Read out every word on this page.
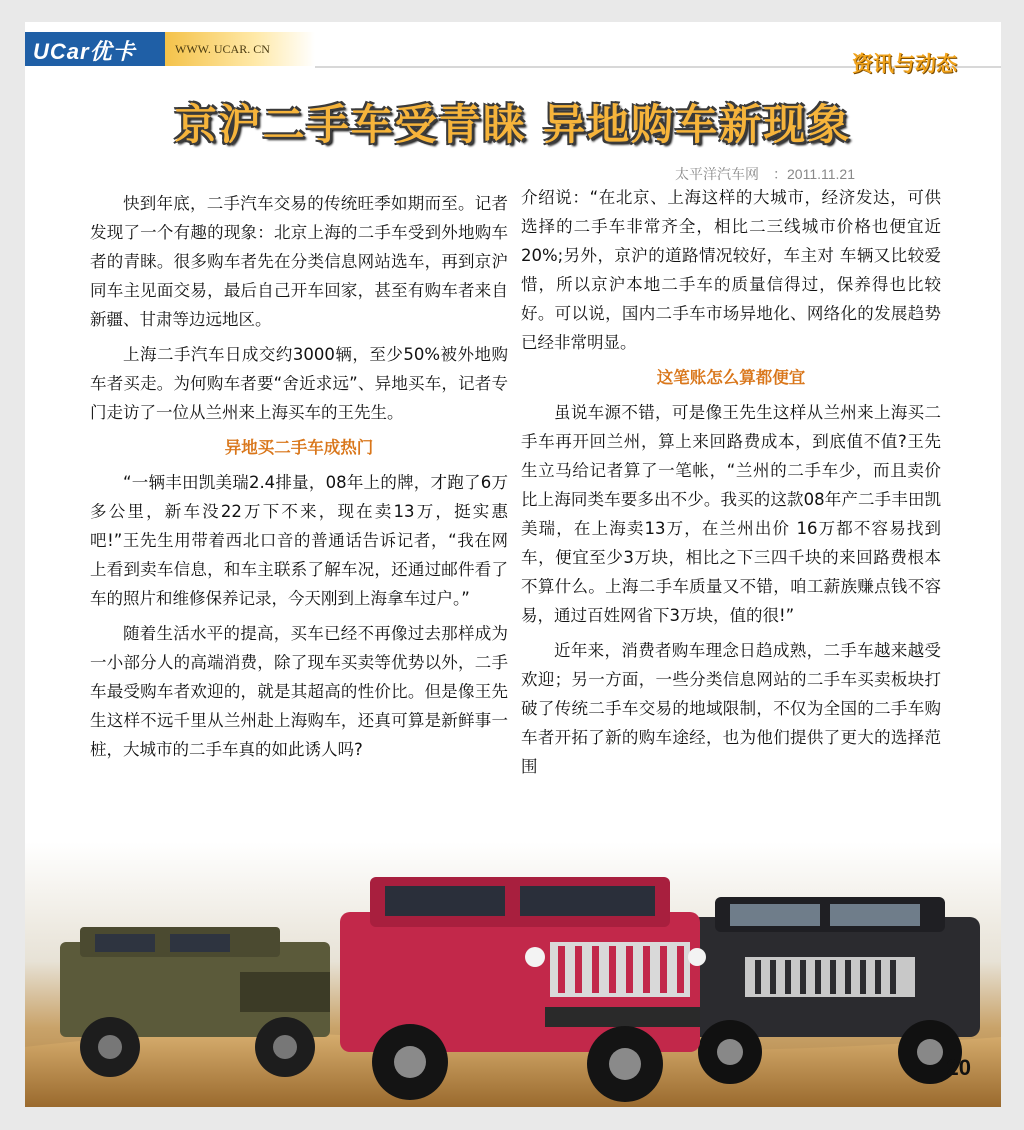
UCar优卡	WWW. UCAR. CN
资讯与动态
京沪二手车受青睐 异地购车新现象
太平洋汽车网　：2011.11.21

快到年底，二手汽车交易的传统旺季如期而至。记者发现了一个有趣的现象：北京上海的二手车受到外地购车者的青睐。很多购车者先在分类信息网站选车，再到京沪同车主见面交易，最后自己开车回家，甚至有购车者来自新疆、甘肃等边远地区。

上海二手汽车日成交约3000辆，至少50%被外地购车者买走。为何购车者要“舍近求远”、异地买车，记者专门走访了一位从兰州来上海买车的王先生。

异地买二手车成热门

“一辆丰田凯美瑞2.4排量，08年上的牌，才跑了6万多公里，新车没22万下不来，现在卖13万，挺实惠吧!”王先生用带着西北口音的普通话告诉记者，“我在网上看到卖车信息，和车主联系了解车况，还通过邮件看了车的照片和维修保养记录，今天刚到上海拿车过户。”

随着生活水平的提高，买车已经不再像过去那样成为一小部分人的高端消费，除了现车买卖等优势以外，二手车最受购车者欢迎的，就是其超高的性价比。但是像王先生这样不远千里从兰州赴上海购车，还真可算是新鲜事一桩，大城市的二手车真的如此诱人吗?

介绍说：“在北京、上海这样的大城市，经济发达，可供选择的二手车非常齐全，相比二三线城市价格也便宜近20%;另外，京沪的道路情况较好，车主对 车辆又比较爱惜，所以京沪本地二手车的质量信得过，保养得也比较好。可以说，国内二手车市场异地化、网络化的发展趋势已经非常明显。

这笔账怎么算都便宜

虽说车源不错，可是像王先生这样从兰州来上海买二手车再开回兰州，算上来回路费成本，到底值不值?王先生立马给记者算了一笔帐，“兰州的二手车少，而且卖价比上海同类车要多出不少。我买的这款08年产二手丰田凯美瑞，在上海卖13万，在兰州出价 16万都不容易找到车，便宜至少3万块，相比之下三四千块的来回路费根本不算什么。上海二手车质量又不错，咱工薪族赚点钱不容易，通过百姓网省下3万块，值的很!”

近年来，消费者购车理念日趋成熟，二手车越来越受欢迎；另一方面，一些分类信息网站的二手车买卖板块打破了传统二手车交易的地域限制，不仅为全国的二手车购车者开拓了新的购车途经，也为他们提供了更大的选择范围

20
